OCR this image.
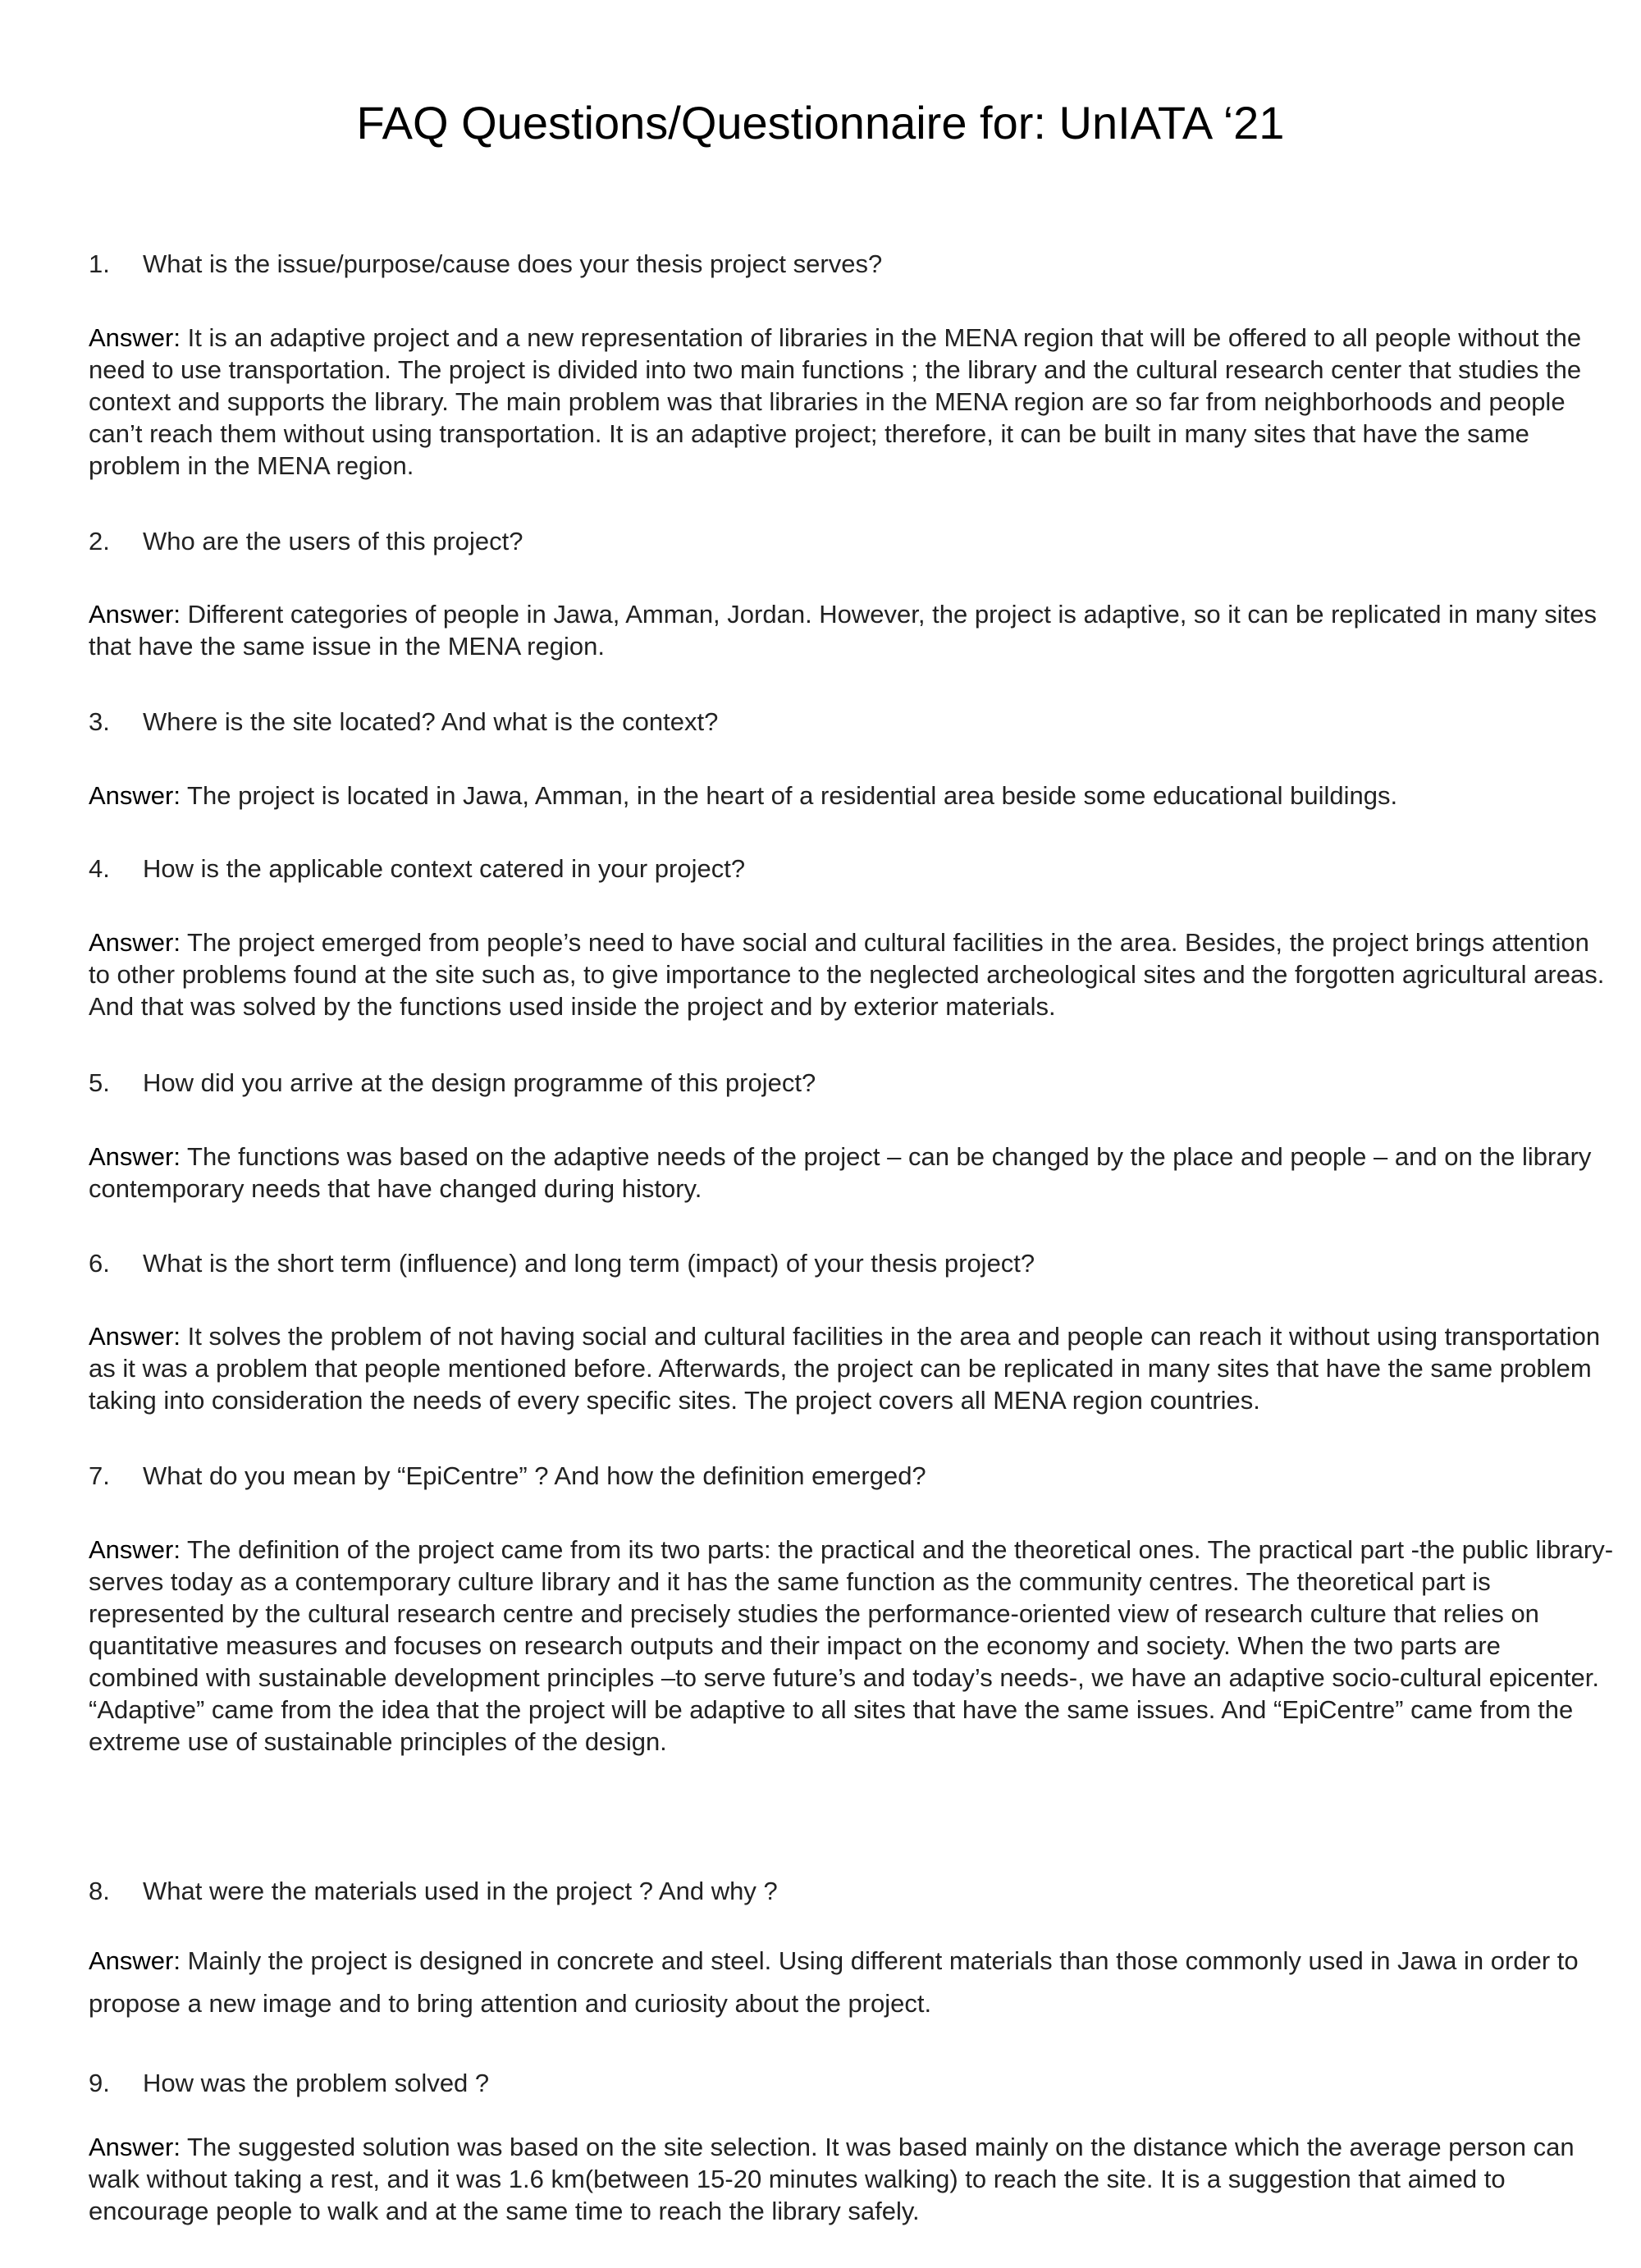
FAQ Questions/Questionnaire for: UnIATA ‘21

1. What is the issue/purpose/cause does your thesis project serves?

Answer: It is an adaptive project and a new representation of libraries in the MENA region that will be offered to all people without the need to use transportation. The project is divided into two main functions ; the library and the cultural research center that studies the context and supports the library. The main problem was that libraries in the MENA region are so far from neighborhoods and people can’t reach them without using transportation. It is an adaptive project; therefore, it can be built in many sites that have the same problem in the MENA region.

2. Who are the users of this project?

Answer: Different categories of people in Jawa, Amman, Jordan. However, the project is adaptive, so it can be replicated in many sites that have the same issue in the MENA region.

3. Where is the site located? And what is the context?

Answer: The project is located in Jawa, Amman, in the heart of a residential area beside some educational buildings.

4. How is the applicable context catered in your project?

Answer: The project emerged from people’s need to have social and cultural facilities in the area. Besides, the project brings attention to other problems found at the site such as, to give importance to the neglected archeological sites and the forgotten agricultural areas. And that was solved by the functions used inside the project and by exterior materials.

5. How did you arrive at the design programme of this project?

Answer: The functions was based on the adaptive needs of the project – can be changed by the place and people – and on the library contemporary needs that have changed during history.

6. What is the short term (influence) and long term (impact) of your thesis project?

Answer: It solves the problem of not having social and cultural facilities in the area and people can reach it without using transportation as it was a problem that people mentioned before. Afterwards, the project can be replicated in many sites that have the same problem taking into consideration the needs of every specific sites. The project covers all MENA region countries.

7. What do you mean by “EpiCentre” ? And how the definition emerged?

Answer: The definition of the project came from its two parts: the practical and the theoretical ones. The practical part -the public library- serves today as a contemporary culture library and it has the same function as the community centres. The theoretical part is represented by the cultural research centre and precisely studies the performance-oriented view of research culture that relies on quantitative measures and focuses on research outputs and their impact on the economy and society. When the two parts are combined with sustainable development principles –to serve future’s and today’s needs-, we have an adaptive socio-cultural epicenter. “Adaptive” came from the idea that the project will be adaptive to all sites that have the same issues. And “EpiCentre” came from the extreme use of sustainable principles of the design.

8. What were the materials used in the project ? And why ?

Answer: Mainly the project is designed in concrete and steel. Using different materials than those commonly used in Jawa in order to propose a new image and to bring attention and curiosity about the project.

9. How was the problem solved ?

Answer: The suggested solution was based on the site selection. It was based mainly on the distance which the average person can walk without taking a rest, and it was 1.6 km(between 15-20 minutes walking) to reach the site. It is a suggestion that aimed to encourage people to walk and at the same time to reach the library safely.
